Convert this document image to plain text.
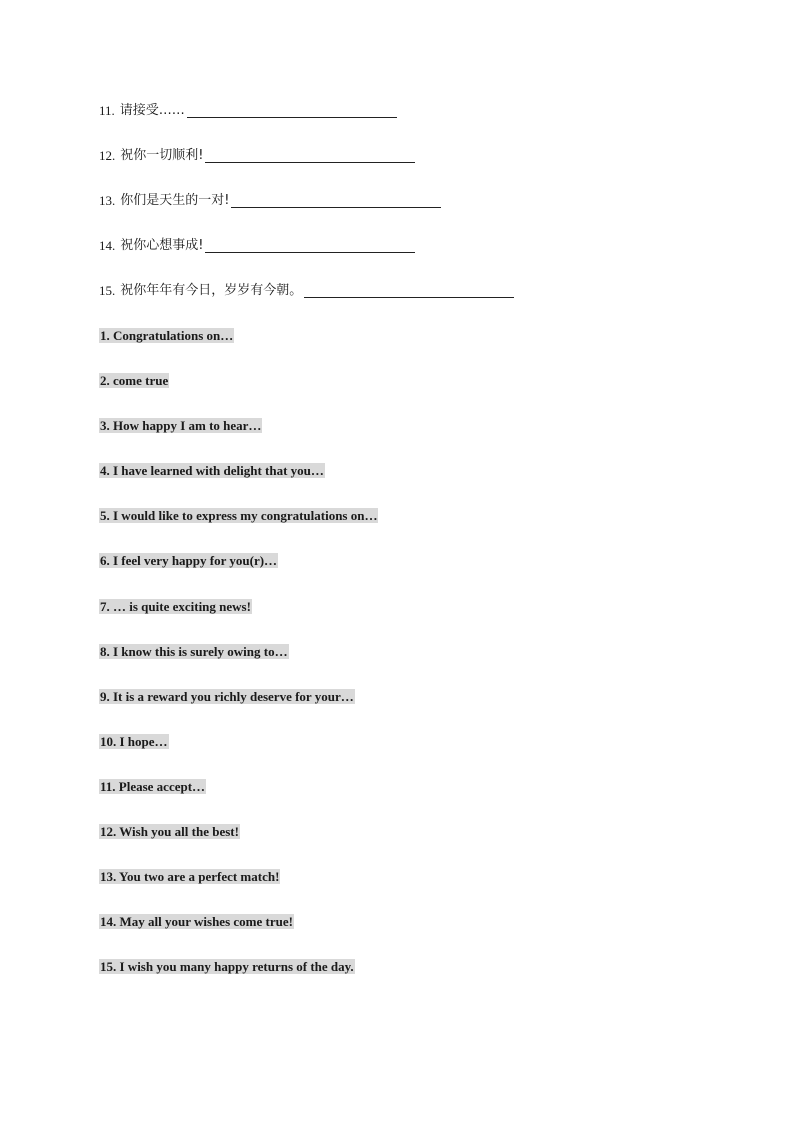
11. 请接受……
12. 祝你一切顺利!
13. 你们是天生的一对!
14. 祝你心想事成!
15. 祝你年年有今日，岁岁有今朝。
1. Congratulations on…
2. come true
3. How happy I am to hear…
4. I have learned with delight that you…
5. I would like to express my congratulations on…
6. I feel very happy for you(r)…
7. … is quite exciting news!
8. I know this is surely owing to…
9. It is a reward you richly deserve for your…
10. I hope…
11. Please accept…
12. Wish you all the best!
13. You two are a perfect match!
14. May all your wishes come true!
15. I wish you many happy returns of the day.
